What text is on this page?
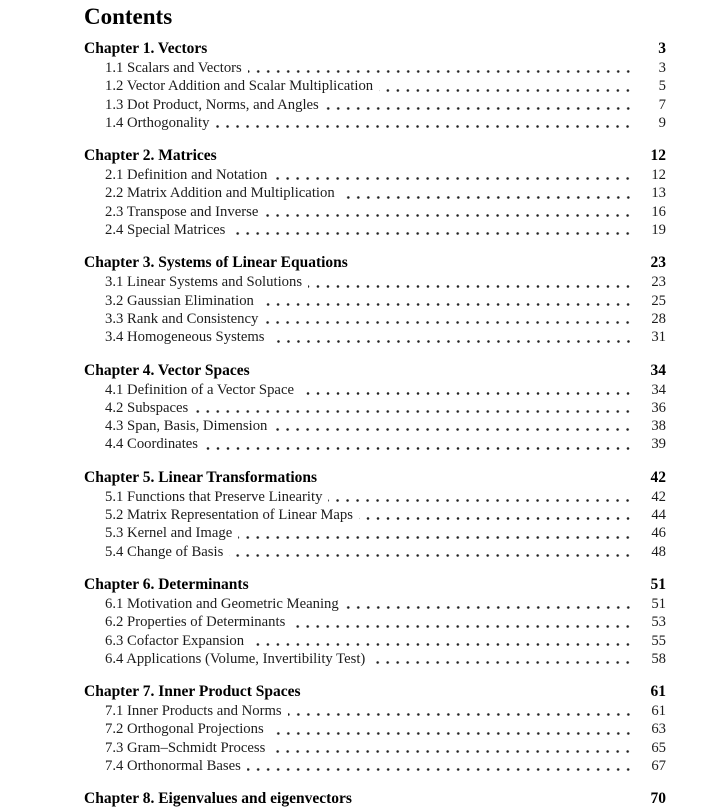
Contents
Chapter 1. Vectors	3
1.1 Scalars and Vectors	3
1.2 Vector Addition and Scalar Multiplication	5
1.3 Dot Product, Norms, and Angles	7
1.4 Orthogonality	9
Chapter 2. Matrices	12
2.1 Definition and Notation	12
2.2 Matrix Addition and Multiplication	13
2.3 Transpose and Inverse	16
2.4 Special Matrices	19
Chapter 3. Systems of Linear Equations	23
3.1 Linear Systems and Solutions	23
3.2 Gaussian Elimination	25
3.3 Rank and Consistency	28
3.4 Homogeneous Systems	31
Chapter 4. Vector Spaces	34
4.1 Definition of a Vector Space	34
4.2 Subspaces	36
4.3 Span, Basis, Dimension	38
4.4 Coordinates	39
Chapter 5. Linear Transformations	42
5.1 Functions that Preserve Linearity	42
5.2 Matrix Representation of Linear Maps	44
5.3 Kernel and Image	46
5.4 Change of Basis	48
Chapter 6. Determinants	51
6.1 Motivation and Geometric Meaning	51
6.2 Properties of Determinants	53
6.3 Cofactor Expansion	55
6.4 Applications (Volume, Invertibility Test)	58
Chapter 7. Inner Product Spaces	61
7.1 Inner Products and Norms	61
7.2 Orthogonal Projections	63
7.3 Gram–Schmidt Process	65
7.4 Orthonormal Bases	67
Chapter 8. Eigenvalues and eigenvectors	70
